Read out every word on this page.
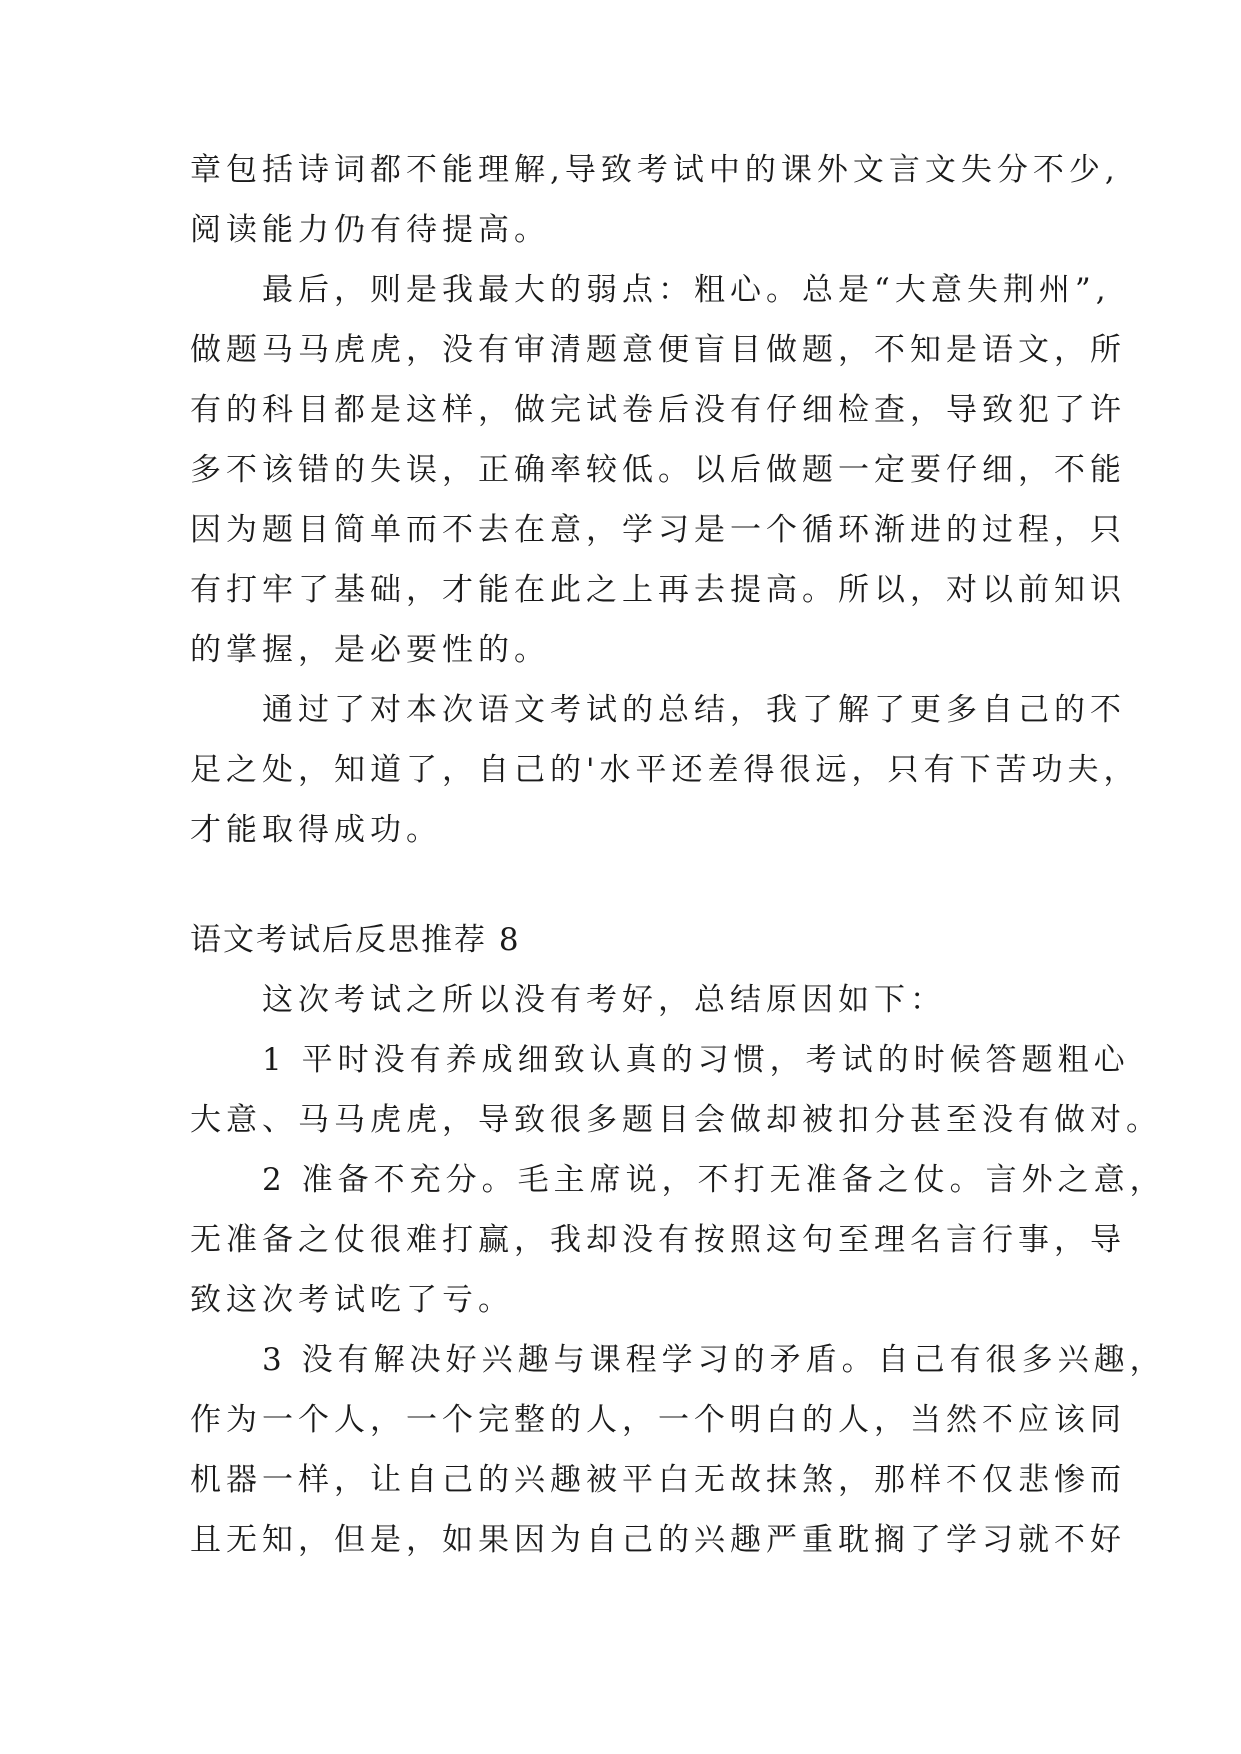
章包括诗词都不能理解,导致考试中的课外文言文失分不少,
阅读能力仍有待提高。
　　最后，则是我最大的弱点：粗心。总是“大意失荆州”,
做题马马虎虎，没有审清题意便盲目做题，不知是语文，所
有的科目都是这样，做完试卷后没有仔细检查，导致犯了许
多不该错的失误，正确率较低。以后做题一定要仔细，不能
因为题目简单而不去在意，学习是一个循环渐进的过程，只
有打牢了基础，才能在此之上再去提高。所以，对以前知识
的掌握，是必要性的。
　　通过了对本次语文考试的总结，我了解了更多自己的不
足之处，知道了，自己的'水平还差得很远，只有下苦功夫，
才能取得成功。
语文考试后反思推荐 8
　　这次考试之所以没有考好，总结原因如下：
　　1 平时没有养成细致认真的习惯，考试的时候答题粗心
大意、马马虎虎，导致很多题目会做却被扣分甚至没有做对。
　　2 准备不充分。毛主席说，不打无准备之仗。言外之意，
无准备之仗很难打赢，我却没有按照这句至理名言行事，导
致这次考试吃了亏。
　　3 没有解决好兴趣与课程学习的矛盾。自己有很多兴趣，
作为一个人，一个完整的人，一个明白的人，当然不应该同
机器一样，让自己的兴趣被平白无故抹煞，那样不仅悲惨而
且无知，但是，如果因为自己的兴趣严重耽搁了学习就不好
